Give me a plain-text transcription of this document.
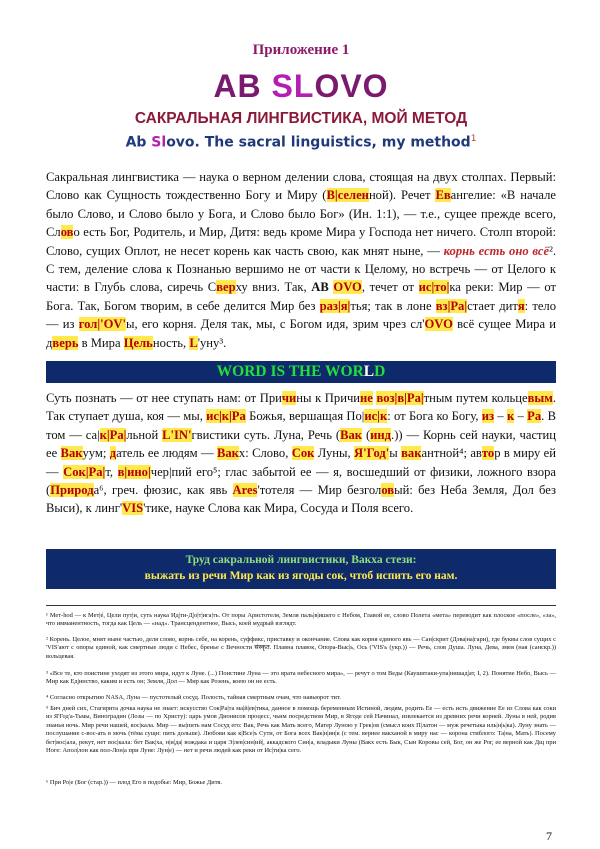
Приложение 1
AB SLOVO
САКРАЛЬНАЯ ЛИНГВИСТИКА, МОЙ МЕТОД
Ab Slovo. The sacral linguistics, my method$^1$
Сакральная лингвистика — наука о верном делении слова, стоящая на двух столпах. Первый: Слово как Сущность тождественно Богу и Миру (В|селенной). Речет Евангелие: «В начале было Слово, и Слово было у Бога, и Слово было Бог» (Ин. 1:1), — т.е., сущее прежде всего, Слово есть Бог, Родитель, и Мир, Дитя: ведь кроме Мира у Господа нет ничего. Столп второй: Слово, сущих Оплот, не несет корень как часть свою, как мнят ныне, — корнь есть оно всё². С тем, деление слова к Познанью вершимо не от части к Целому, но встречь — от Целого к части: в Глубь слова, сиречь Сверху вниз. Так, AB OVO, течет от ис|то|ка реки: Мир — от Бога. Так, Богом творим, в себе делится Мир без раз|я|тья; так в лоне вз|Ра|стает дитя: тело — из гол|'OV'ы, его корня. Деля так, мы, с Богом идя, зрим чрез сл'OVO всё сущее Мира и дверь в Мира Цельность, L'уну³.
WORD IS THE WORLD
Суть познать — от нее ступать нам: от Причины к Причине воз|в|Ра|тным путем кольцевым. Так ступает душа, коя — мы, ис|к|Ра Божья, вершащая По|ис|к: от Бога ко Богу, из – к – Ра. В том — са|к|Ра|льной L'IN'гвистики суть. Луна, Речь (Вак (инд.)) — Корнь сей науки, частиц ее Вакуум; датель ее людям — Вакх: Слово, Сок Луны, Я'Год'ы вакантной⁴; автор в миру ей — Сок|Ра|т, в|ино|чер|пий его⁵; глас забытой ее — я, восшедший от физики, ложного взора (Природа⁶, греч. фюзис, как явь Ares'тотеля — Мир безголовый: без Неба Земля, Дол без Выси), к линг'VIS'тике, науке Слова как Мира, Сосуда и Поля всего.
Труд сакральной лингвистики, Вакха стези:
выжать из речи Мир как из ягоды сок, чтоб испить его нам.
¹ Мет-hod — к Мет|é, Цели пут|и, суть наука Ид|ти-Д|о|т|ига|ть. От поры Аристотеля, Земля паль|в|ишего с Небом, Главой ее, слово Полета «мета» переводит как плоское «после», «за», что имманентность, тогда как Цель — «над». Трансцендентное, Высь, коей мудрый взглядт.
² Корень. Целое, мнят ныне частью, деля слово, корнь себе, на корень, суффикс, приставку и окончание. Слова как корня единого явь — Сан|скрит (Дэва|на|гари), где буквы слов сущих с 'VIS'ают с опоры единой, как смертные люди с Небес, бренье с Вечности संस्कृत. Плавна плавок, Опора-Выс|ь, Ось ('VIS'ь (укр.)) — Речь, слов Душа. Луна, Дева, змея (ная (санскр.)) вольцевая.
³ «Все те, кто поистине уходят из этого мира, идут к Луне. (...) Поистине Луна — это врата небесного мира», — речут о том Веды (Каушитаки-упа|нишад|ат, I, 2). Понятие Небо, Высь — Мир как Ед|инство, каким и есть он; Земля, Дол — Мир как Розень, коею он не есть.
⁴ Согласно открытию NASA, Луна — пустотелый сосуд. Полость, тайная смертным очам, что навьюрот тит.
⁵ Бич дней сих, Стагирита дочка наука не знает: искусство Сок|Ра|та ма|й|ев|тика, данное в помощь беременным Истиной, людям, родить Ее — есть исть движение Ее из Слова как соки из Я'Год'а-Тьмы, Виноградин (Лозы — по Христу): царь умов Дионисов процесс, чьим посредством Мир, в Ягоде сей Начинал, извлекается из древних речи корней. Луны в ней, родив знанья ночь. Мир речи нашей, вос|кала. Мир — вы|пить нам Сосуд его: Вак, Речь как Мать всего, Матер Луною у Грек|ов (смысл коих П|латон — муж речетыка иль|н|ь|ка). Луну знать — послушание с-вос-ать в мочь (тёма сущн: пить дольше). Любови как к|Все|ъ Сути, от Бога всех Вак|н|ин|к (с тем. вернее вакханой в миру нас — корона стиблого: Та|на, Мать). Посему бет|вос|ала, рекут, нет вос|кала: бет Вак|ха, н|и|да| вождака и царя Э|лев|син|ий|, аккадского Син|а, владыки Луны (Вакх есть Бык, Сын Коровы сей, Бог, он же Рог, ее верной как Дщ при Ноге: Апол|лон как пол-Лон|а при Луне: Лун|е) — нет и речи людей как реки от Ис|ти|ка сего.
⁶ При Ро|е (Бог (стар.)) — плод Его в подобье: Мир, Божье Дитя.
7
